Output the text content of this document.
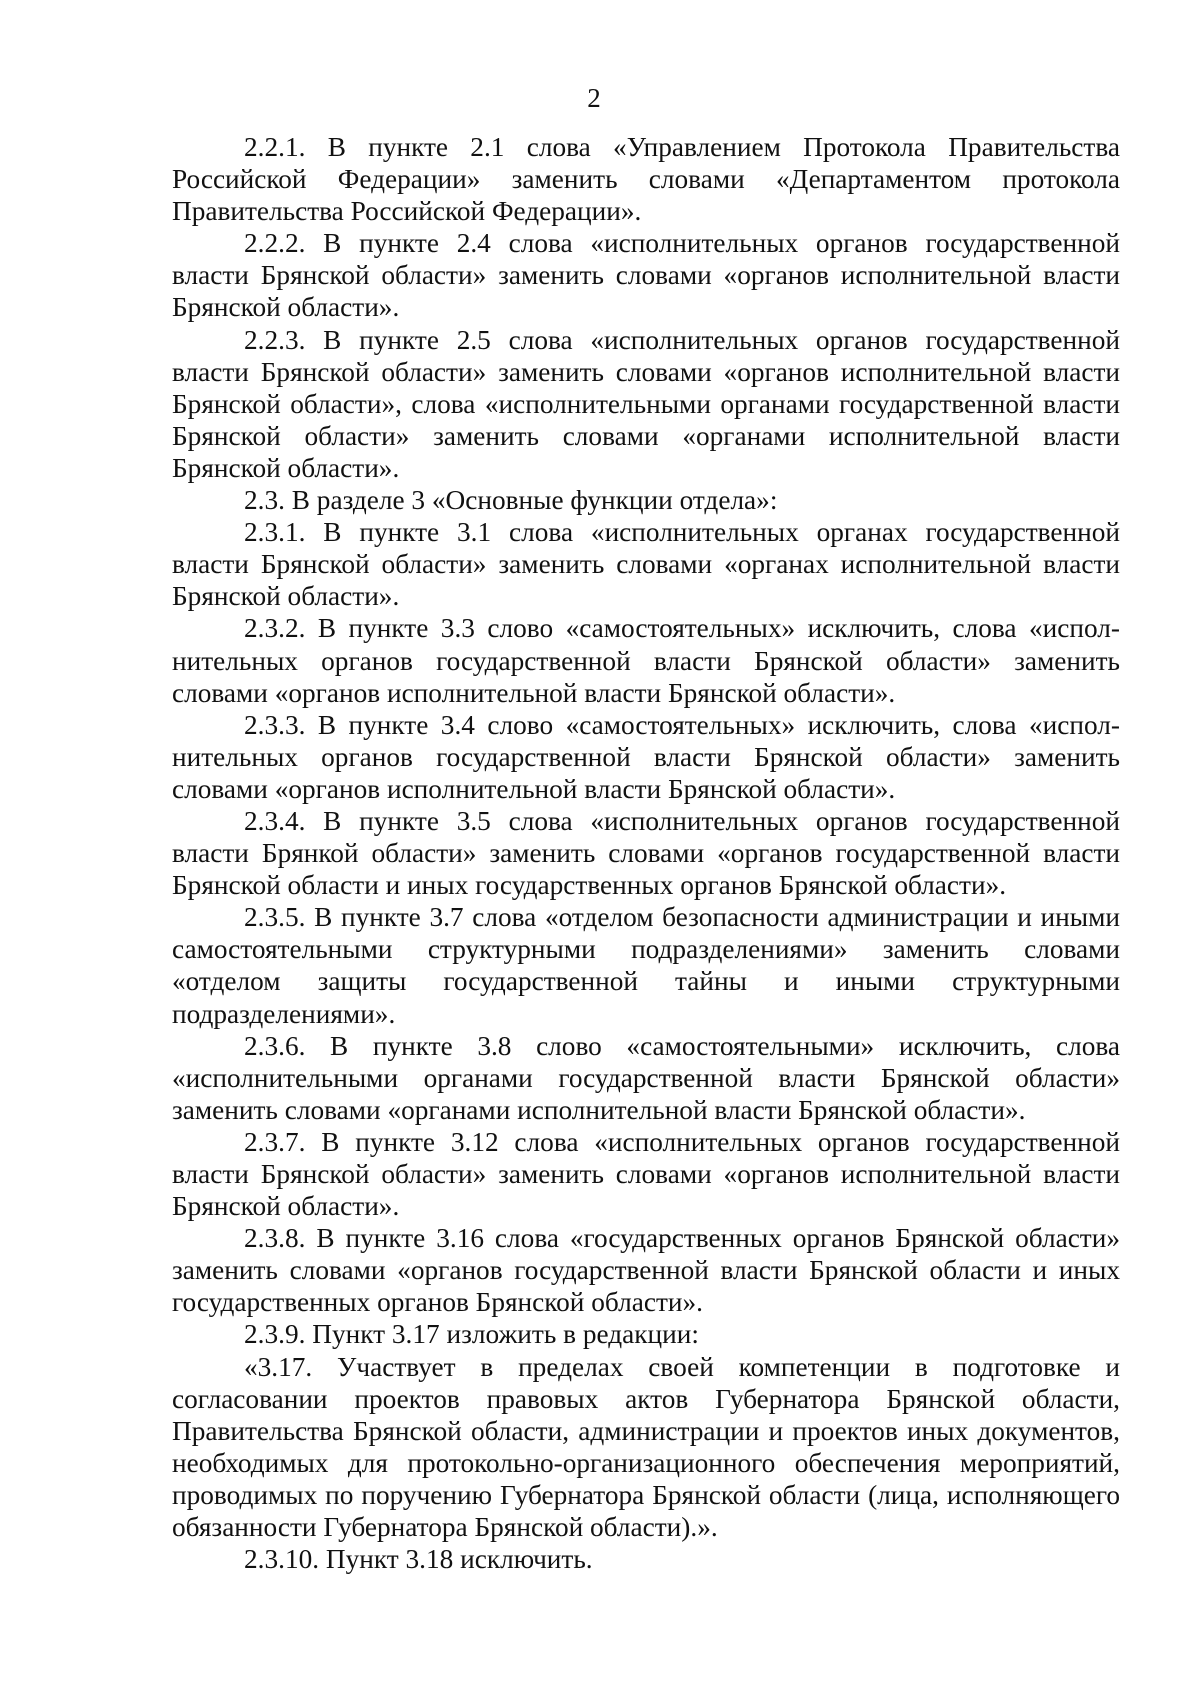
2

2.2.1. В пункте 2.1 слова «Управлением Протокола Правительства Российской Федерации» заменить словами «Департаментом протокола Правительства Российской Федерации».

2.2.2. В пункте 2.4 слова «исполнительных органов государственной власти Брянской области» заменить словами «органов исполнительной власти Брянской области».

2.2.3. В пункте 2.5 слова «исполнительных органов государственной власти Брянской области» заменить словами «органов исполнительной власти Брянской области», слова «исполнительными органами государственной власти Брянской области» заменить словами «органами исполнительной власти Брянской области».

2.3. В разделе 3 «Основные функции отдела»:

2.3.1. В пункте 3.1 слова «исполнительных органах государственной власти Брянской области» заменить словами «органах исполнительной власти Брянской области».

2.3.2. В пункте 3.3 слово «самостоятельных» исключить, слова «исполнительных органов государственной власти Брянской области» заменить словами «органов исполнительной власти Брянской области».

2.3.3. В пункте 3.4 слово «самостоятельных» исключить, слова «исполнительных органов государственной власти Брянской области» заменить словами «органов исполнительной власти Брянской области».

2.3.4. В пункте 3.5 слова «исполнительных органов государственной власти Брянкой области» заменить словами «органов государственной власти Брянской области и иных государственных органов Брянской области».

2.3.5. В пункте 3.7 слова «отделом безопасности администрации и иными самостоятельными структурными подразделениями» заменить словами «отделом защиты государственной тайны и иными структурными подразделениями».

2.3.6. В пункте 3.8 слово «самостоятельными» исключить, слова «исполнительными органами государственной власти Брянской области» заменить словами «органами исполнительной власти Брянской области».

2.3.7. В пункте 3.12 слова «исполнительных органов государственной власти Брянской области» заменить словами «органов исполнительной власти Брянской области».

2.3.8. В пункте 3.16 слова «государственных органов Брянской области» заменить словами «органов государственной власти Брянской области и иных государственных органов Брянской области».

2.3.9. Пункт 3.17 изложить в редакции:

«3.17. Участвует в пределах своей компетенции в подготовке и согласовании проектов правовых актов Губернатора Брянской области, Правительства Брянской области, администрации и проектов иных документов, необходимых для протокольно-организационного обеспечения мероприятий, проводимых по поручению Губернатора Брянской области (лица, исполняющего обязанности Губернатора Брянской области).».

2.3.10. Пункт 3.18 исключить.
